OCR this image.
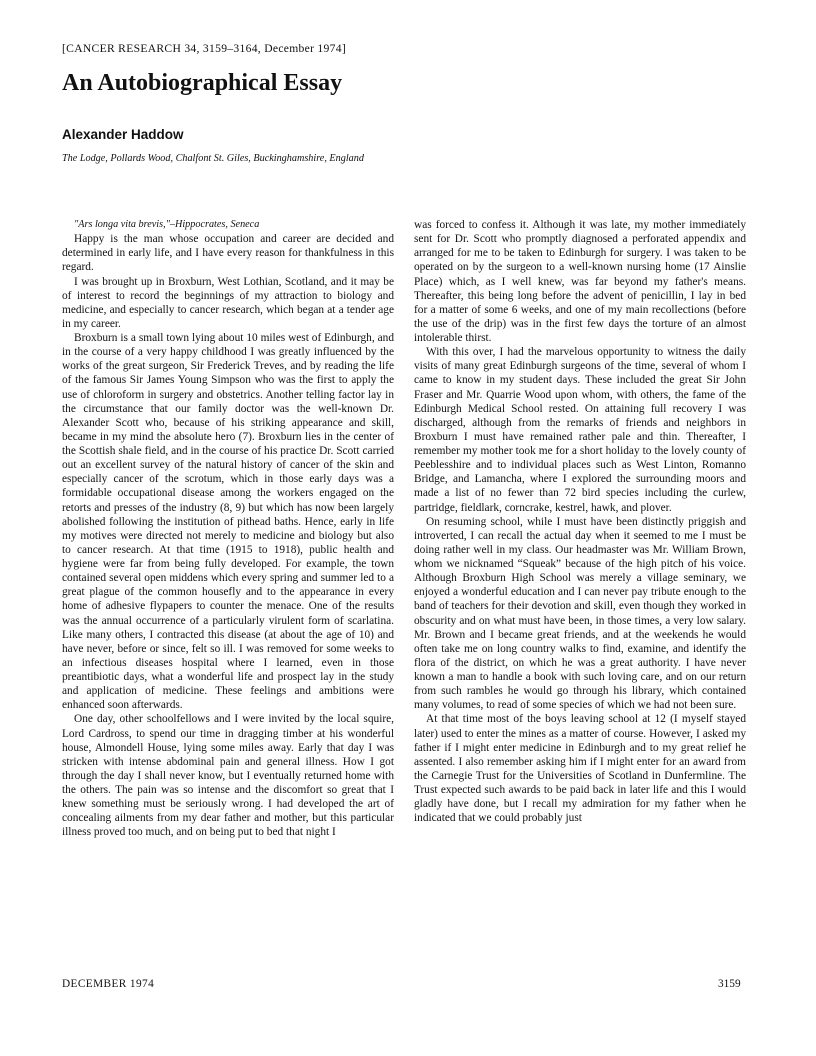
[CANCER RESEARCH 34, 3159–3164, December 1974]
An Autobiographical Essay
Alexander Haddow
The Lodge, Pollards Wood, Chalfont St. Giles, Buckinghamshire, England

"Ars longa vita brevis,"–Hippocrates, Seneca

Happy is the man whose occupation and career are decided and determined in early life, and I have every reason for thankfulness in this regard.

I was brought up in Broxburn, West Lothian, Scotland, and it may be of interest to record the beginnings of my attraction to biology and medicine, and especially to cancer research, which began at a tender age in my career.

Broxburn is a small town lying about 10 miles west of Edinburgh, and in the course of a very happy childhood I was greatly influenced by the works of the great surgeon, Sir Frederick Treves, and by reading the life of the famous Sir James Young Simpson who was the first to apply the use of chloroform in surgery and obstetrics. Another telling factor lay in the circumstance that our family doctor was the well-known Dr. Alexander Scott who, because of his striking appearance and skill, became in my mind the absolute hero (7). Broxburn lies in the center of the Scottish shale field, and in the course of his practice Dr. Scott carried out an excellent survey of the natural history of cancer of the skin and especially cancer of the scrotum, which in those early days was a formidable occupational disease among the workers engaged on the retorts and presses of the industry (8, 9) but which has now been largely abolished following the institution of pithead baths. Hence, early in life my motives were directed not merely to medicine and biology but also to cancer research. At that time (1915 to 1918), public health and hygiene were far from being fully developed. For example, the town contained several open middens which every spring and summer led to a great plague of the common housefly and to the appearance in every home of adhesive flypapers to counter the menace. One of the results was the annual occurrence of a particularly virulent form of scarlatina. Like many others, I contracted this disease (at about the age of 10) and have never, before or since, felt so ill. I was removed for some weeks to an infectious diseases hospital where I learned, even in those preantibiotic days, what a wonderful life and prospect lay in the study and application of medicine. These feelings and ambitions were enhanced soon afterwards.

One day, other schoolfellows and I were invited by the local squire, Lord Cardross, to spend our time in dragging timber at his wonderful house, Almondell House, lying some miles away. Early that day I was stricken with intense abdominal pain and general illness. How I got through the day I shall never know, but I eventually returned home with the others. The pain was so intense and the discomfort so great that I knew something must be seriously wrong. I had developed the art of concealing ailments from my dear father and mother, but this particular illness proved too much, and on being put to bed that night I

was forced to confess it. Although it was late, my mother immediately sent for Dr. Scott who promptly diagnosed a perforated appendix and arranged for me to be taken to Edinburgh for surgery. I was taken to be operated on by the surgeon to a well-known nursing home (17 Ainslie Place) which, as I well knew, was far beyond my father's means. Thereafter, this being long before the advent of penicillin, I lay in bed for a matter of some 6 weeks, and one of my main recollections (before the use of the drip) was in the first few days the torture of an almost intolerable thirst.

With this over, I had the marvelous opportunity to witness the daily visits of many great Edinburgh surgeons of the time, several of whom I came to know in my student days. These included the great Sir John Fraser and Mr. Quarrie Wood upon whom, with others, the fame of the Edinburgh Medical School rested. On attaining full recovery I was discharged, although from the remarks of friends and neighbors in Broxburn I must have remained rather pale and thin. Thereafter, I remember my mother took me for a short holiday to the lovely county of Peeblesshire and to individual places such as West Linton, Romanno Bridge, and Lamancha, where I explored the surrounding moors and made a list of no fewer than 72 bird species including the curlew, partridge, fieldlark, corncrake, kestrel, hawk, and plover.

On resuming school, while I must have been distinctly priggish and introverted, I can recall the actual day when it seemed to me I must be doing rather well in my class. Our headmaster was Mr. William Brown, whom we nicknamed “Squeak” because of the high pitch of his voice. Although Broxburn High School was merely a village seminary, we enjoyed a wonderful education and I can never pay tribute enough to the band of teachers for their devotion and skill, even though they worked in obscurity and on what must have been, in those times, a very low salary. Mr. Brown and I became great friends, and at the weekends he would often take me on long country walks to find, examine, and identify the flora of the district, on which he was a great authority. I have never known a man to handle a book with such loving care, and on our return from such rambles he would go through his library, which contained many volumes, to read of some species of which we had not been sure.

At that time most of the boys leaving school at 12 (I myself stayed later) used to enter the mines as a matter of course. However, I asked my father if I might enter medicine in Edinburgh and to my great relief he assented. I also remember asking him if I might enter for an award from the Carnegie Trust for the Universities of Scotland in Dunfermline. The Trust expected such awards to be paid back in later life and this I would gladly have done, but I recall my admiration for my father when he indicated that we could probably just

DECEMBER 1974	3159
